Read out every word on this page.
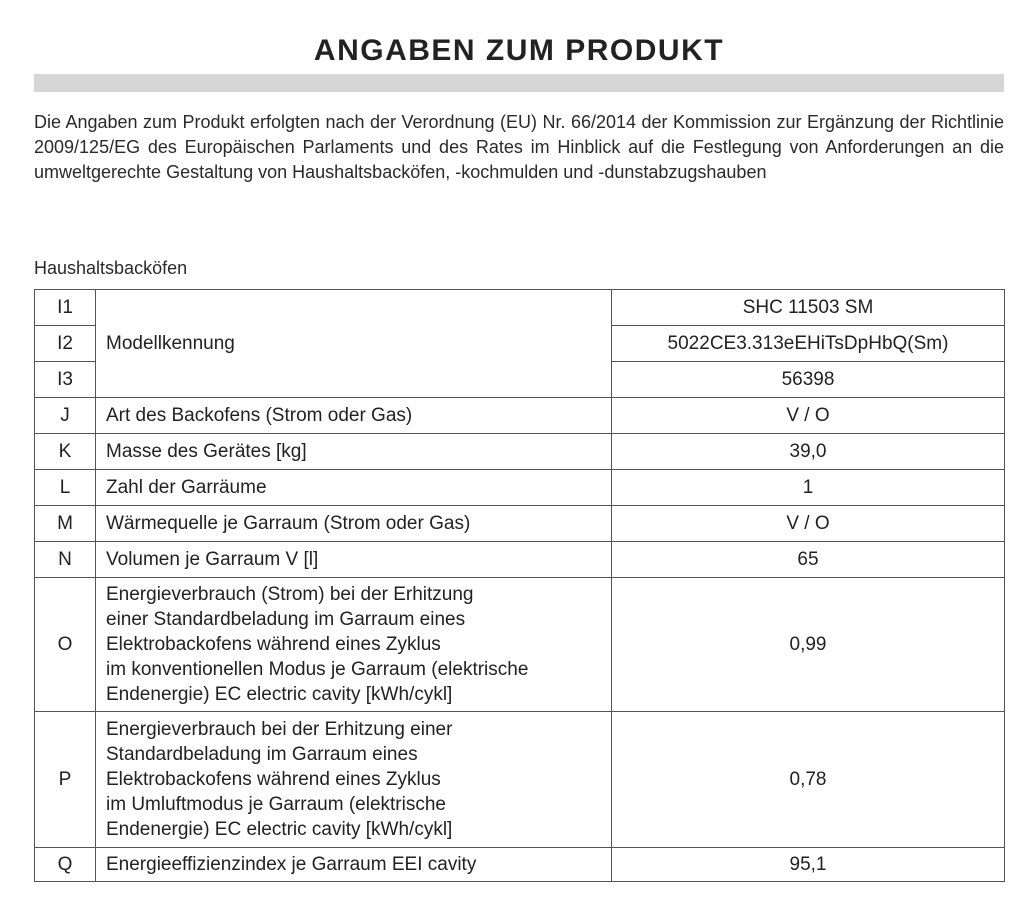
ANGABEN ZUM PRODUKT

Die Angaben zum Produkt erfolgten nach der Verordnung (EU) Nr. 66/2014 der Kommission zur Ergänzung der Richtlinie 2009/125/EG des Europäischen Parlaments und des Rates im Hinblick auf die Festlegung von Anforderungen an die umweltgerechte Gestaltung von Haushaltsbacköfen, -kochmulden und -dunstabzugshauben

Haushaltsbacköfen
I1	Modellkennung	SHC 11503 SM
I2		5022CE3.313eEHiTsDpHbQ(Sm)
I3		56398
J	Art des Backofens (Strom oder Gas)	V / O
K	Masse des Gerätes [kg]	39,0
L	Zahl der Garräume	1
M	Wärmequelle je Garraum (Strom oder Gas)	V / O
N	Volumen je Garraum V [l]	65
O	Energieverbrauch (Strom) bei der Erhitzung
einer Standardbeladung im Garraum eines
Elektrobackofens während eines Zyklus
im konventionellen Modus je Garraum (elektrische
Endenergie) EC electric cavity [kWh/cykl]	0,99
P	Energieverbrauch bei der Erhitzung einer
Standardbeladung im Garraum eines
Elektrobackofens während eines Zyklus
im Umluftmodus je Garraum (elektrische
Endenergie) EC electric cavity [kWh/cykl]	0,78
Q	Energieeffizienzindex je Garraum EEI cavity	95,1
